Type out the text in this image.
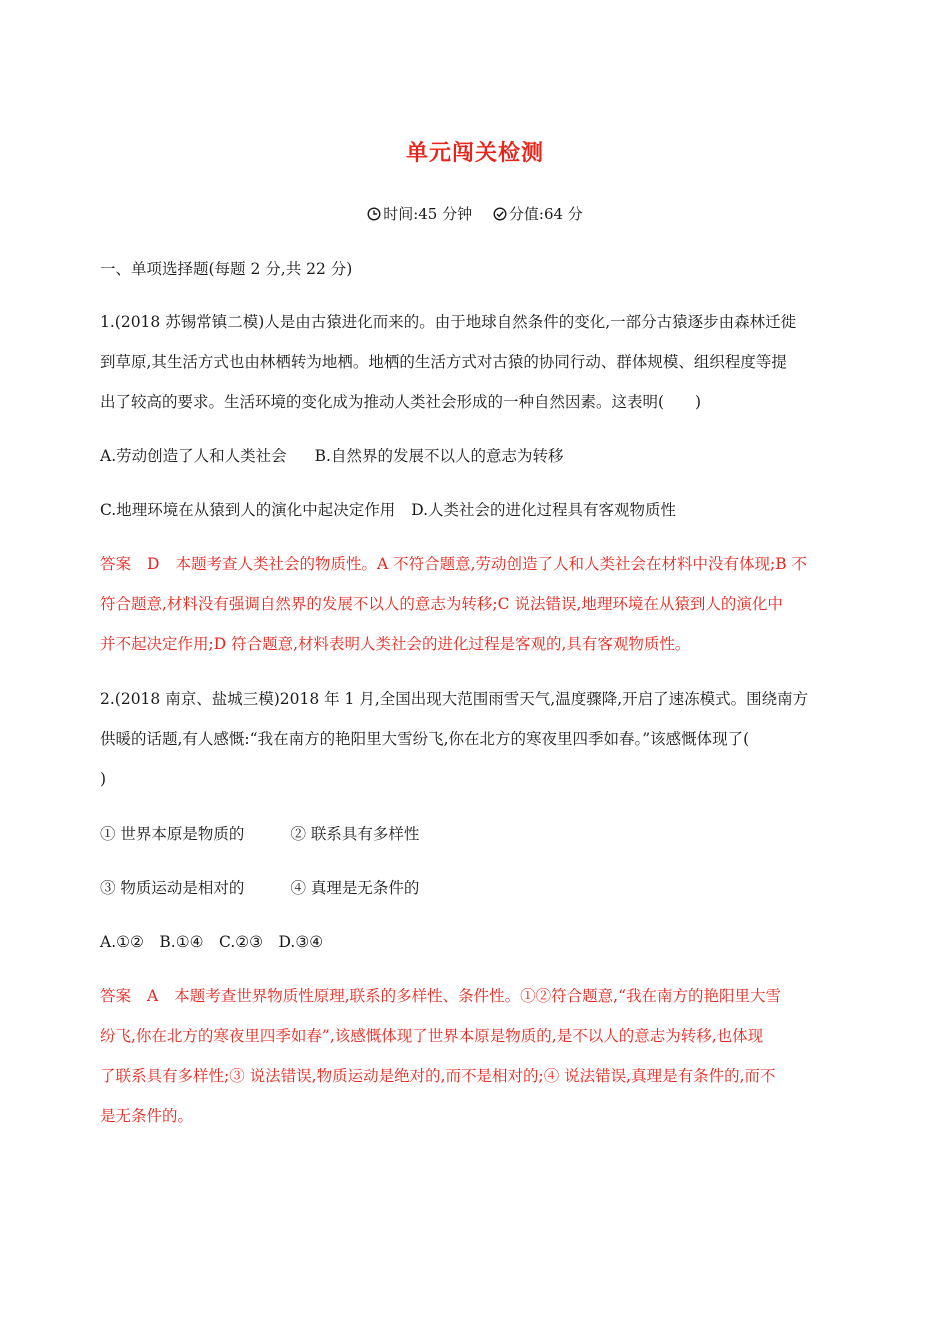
单元闯关检测
时间:45 分钟
分值:64 分
一、单项选择题(每题 2 分,共 22 分)
1.(2018 苏锡常镇二模)人是由古猿进化而来的。由于地球自然条件的变化,一部分古猿逐步由森林迁徙
到草原,其生活方式也由林栖转为地栖。地栖的生活方式对古猿的协同行动、群体规模、组织程度等提
出了较高的要求。生活环境的变化成为推动人类社会形成的一种自然因素。这表明(　　)
A.劳动创造了人和人类社会 B.自然界的发展不以人的意志为转移
C.地理环境在从猿到人的演化中起决定作用 D.人类社会的进化过程具有客观物质性
答案 D 本题考查人类社会的物质性。A 不符合题意,劳动创造了人和人类社会在材料中没有体现;B 不
符合题意,材料没有强调自然界的发展不以人的意志为转移;C 说法错误,地理环境在从猿到人的演化中
并不起决定作用;D 符合题意,材料表明人类社会的进化过程是客观的,具有客观物质性。
2.(2018 南京、盐城三模)2018 年 1 月,全国出现大范围雨雪天气,温度骤降,开启了速冻模式。围绕南方
供暖的话题,有人感慨:“我在南方的艳阳里大雪纷飞,你在北方的寒夜里四季如春。”该感慨体现了(
)
① 世界本原是物质的	② 联系具有多样性
③ 物质运动是相对的	④ 真理是无条件的
A.①②　B.①④　C.②③　D.③④
答案 A 本题考查世界物质性原理,联系的多样性、条件性。①②符合题意,“我在南方的艳阳里大雪
纷飞,你在北方的寒夜里四季如春”,该感慨体现了世界本原是物质的,是不以人的意志为转移,也体现
了联系具有多样性;③ 说法错误,物质运动是绝对的,而不是相对的;④ 说法错误,真理是有条件的,而不
是无条件的。
